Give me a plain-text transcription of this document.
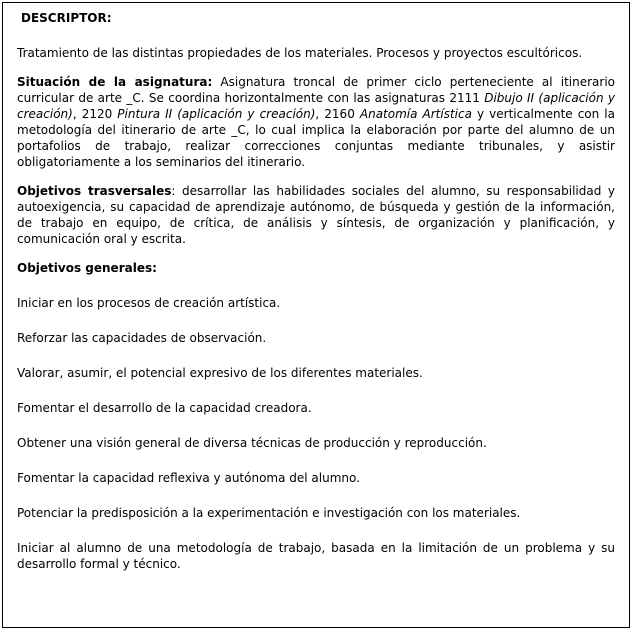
DESCRIPTOR:

Tratamiento de las distintas propiedades de los materiales. Procesos y proyectos escultóricos.

Situación de la asignatura: Asignatura troncal de primer ciclo perteneciente al itinerario curricular de arte _C. Se coordina horizontalmente con las asignaturas 2111 Dibujo II (aplicación y creación), 2120 Pintura II (aplicación y creación), 2160 Anatomía Artística y verticalmente con la metodología del itinerario de arte _C, lo cual implica la elaboración por parte del alumno de un portafolios de trabajo, realizar correcciones conjuntas mediante tribunales, y asistir obligatoriamente a los seminarios del itinerario.

Objetivos trasversales: desarrollar las habilidades sociales del alumno, su responsabilidad y autoexigencia, su capacidad de aprendizaje autónomo, de búsqueda y gestión de la información, de trabajo en equipo, de crítica, de análisis y síntesis, de organización y planificación, y comunicación oral y escrita.

Objetivos generales:

Iniciar en los procesos de creación artística.

Reforzar las capacidades de observación.

Valorar, asumir, el potencial expresivo de los diferentes materiales.

Fomentar el desarrollo de la capacidad creadora.

Obtener una visión general de diversa técnicas de producción y reproducción.

Fomentar la capacidad reflexiva y autónoma del alumno.

Potenciar la predisposición a la experimentación e investigación con los materiales.

Iniciar al alumno de una metodología de trabajo, basada en la limitación de un problema y su desarrollo formal y técnico.
